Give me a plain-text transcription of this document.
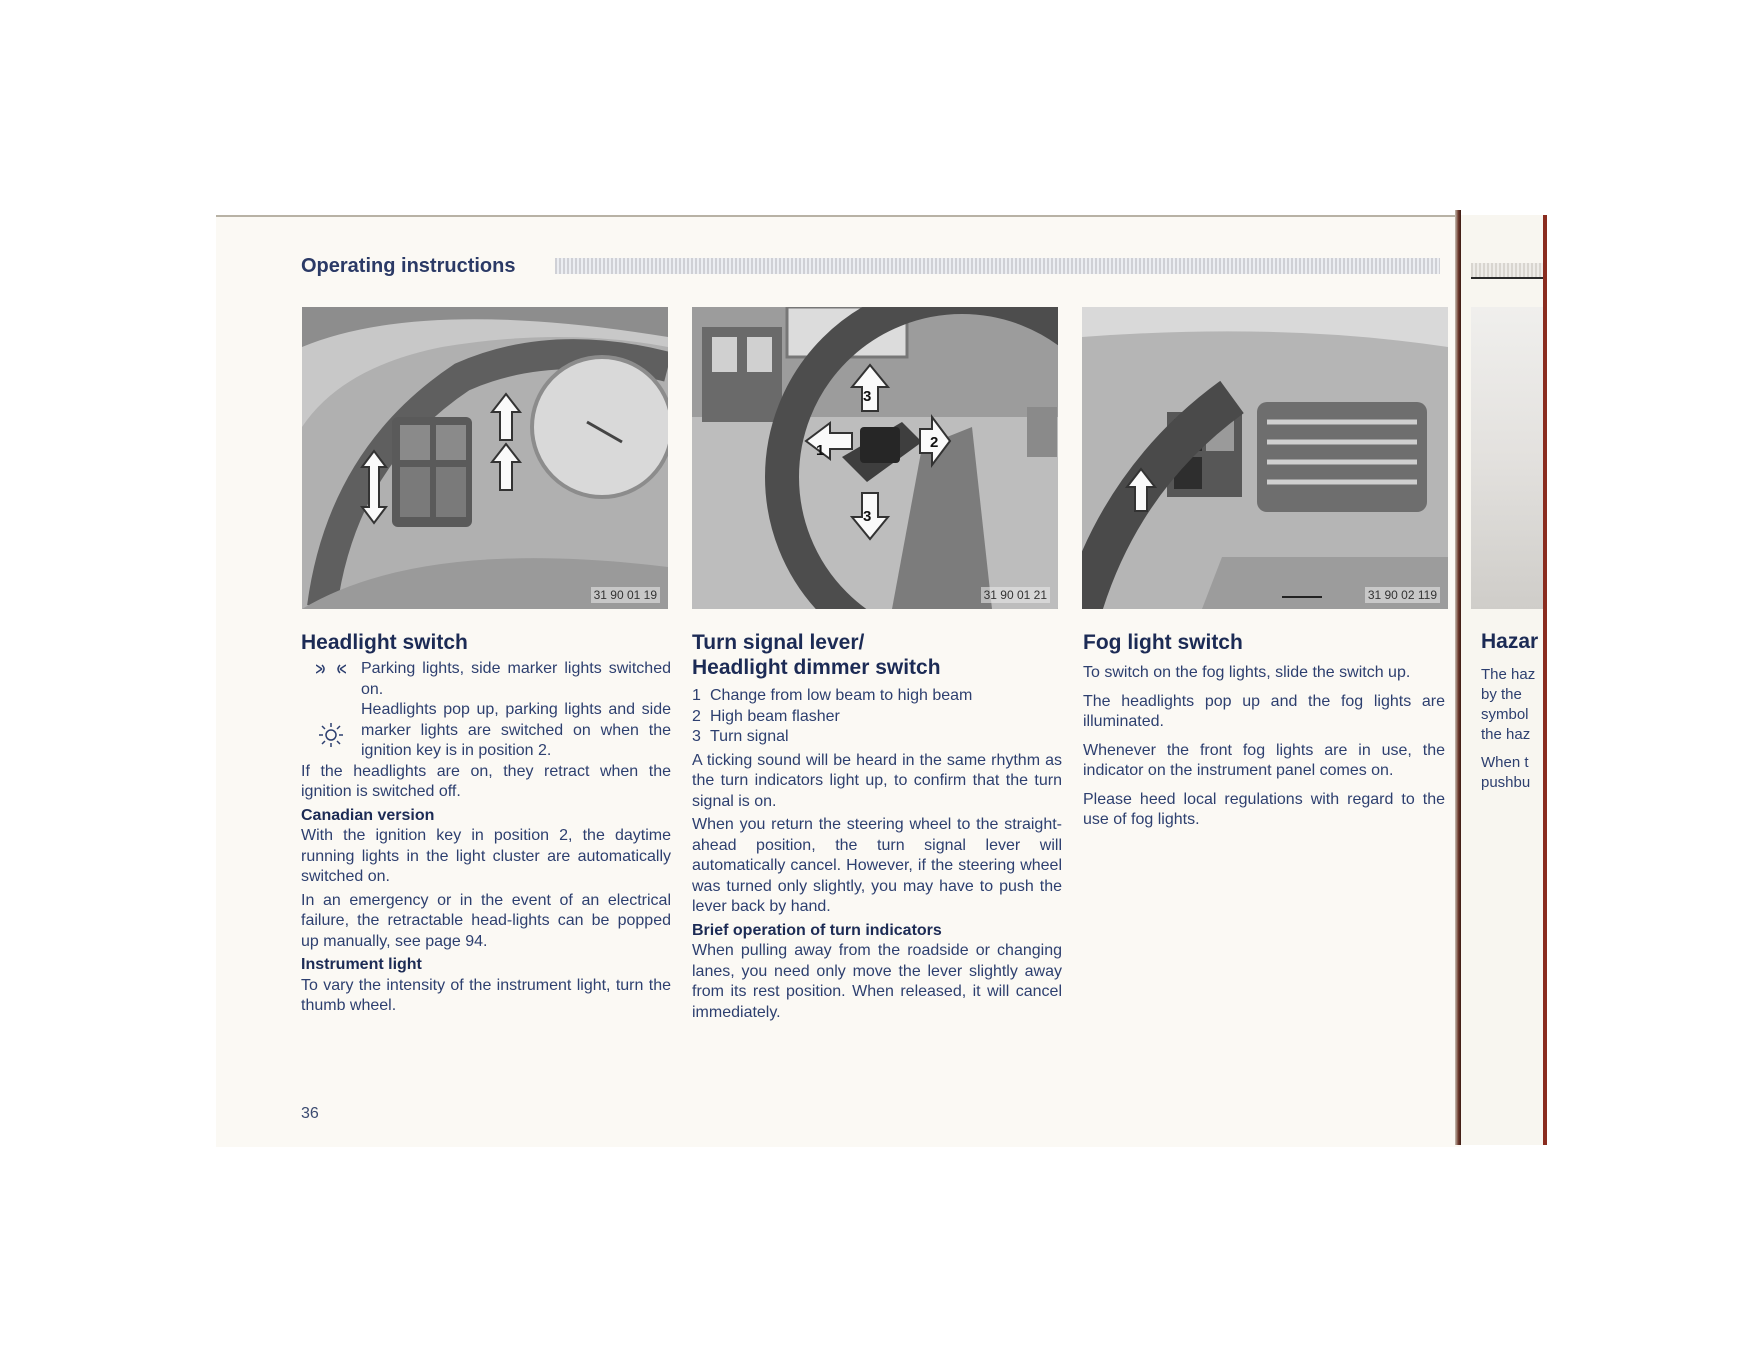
Hazar
The haz
by the
symbol
the haz
When t
pushbu
Operating instructions
31 90 01 19
3
1	2
3
31 90 01 21	31 90 02 119
Headlight switch
Parking lights, side marker lights switched on.
Headlights pop up, parking lights and side marker lights are switched on when the ignition key is in position 2.

If the headlights are on, they retract when the ignition is switched off.

Canadian version

With the ignition key in position 2, the daytime running lights in the light cluster are automatically switched on.

In an emergency or in the event of an electrical failure, the retractable head-lights can be popped up manually, see page 94.

Instrument light

To vary the intensity of the instrument light, turn the thumb wheel.

Turn signal lever/
Headlight dimmer switch
1 Change from low beam to high beam
2 High beam flasher
3 Turn signal

A ticking sound will be heard in the same rhythm as the turn indicators light up, to confirm that the turn signal is on.

When you return the steering wheel to the straight-ahead position, the turn signal lever will automatically cancel. However, if the steering wheel was turned only slightly, you may have to push the lever back by hand.

Brief operation of turn indicators

When pulling away from the roadside or changing lanes, you need only move the lever slightly away from its rest position. When released, it will cancel immediately.

Fog light switch

To switch on the fog lights, slide the switch up.

The headlights pop up and the fog lights are illuminated.

Whenever the front fog lights are in use, the indicator on the instrument panel comes on.

Please heed local regulations with regard to the use of fog lights.

36
